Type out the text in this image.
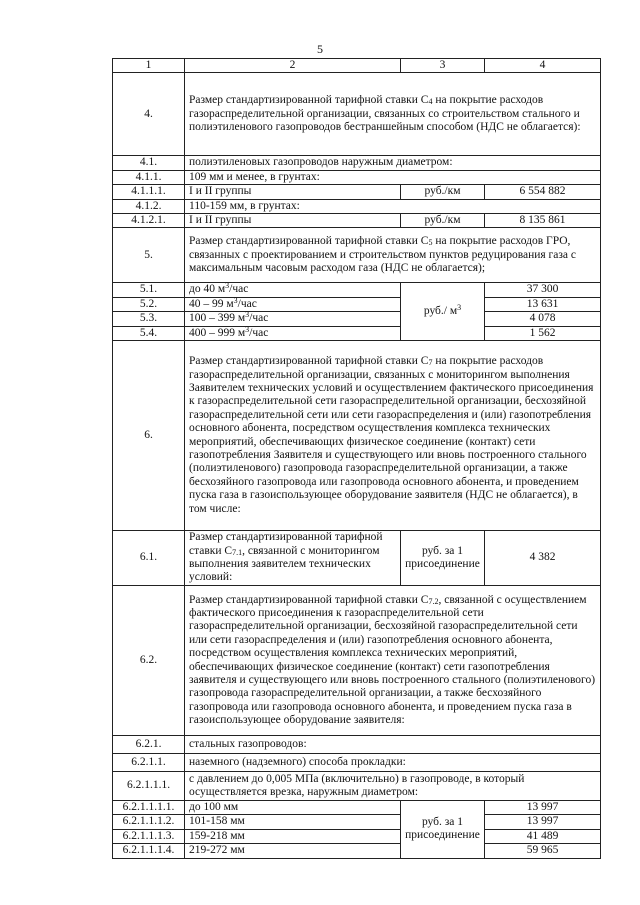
5
1	2	3	4
4.	Размер стандартизированной тарифной ставки $С_4$ на покрытие расходов газораспределительной организации, связанных со строительством стального и полиэтиленового газопроводов бестраншейным способом (НДС не облагается):		
4.1.	полиэтиленовых газопроводов наружным диаметром:		
4.1.1.	109 мм и менее, в грунтах:		
4.1.1.1.	I и II группы	руб./км	6 554 882
4.1.2.	110-159 мм, в грунтах:		
4.1.2.1.	I и II группы	руб./км	8 135 861
5.	Размер стандартизированной тарифной ставки $С_5$ на покрытие расходов ГРО, связанных с проектированием и строительством пунктов редуцирования газа с максимальным часовым расходом газа (НДС не облагается);		
5.1.	до 40 $м^3$/час	руб./ $м^3$	37 300
5.2.	40 – 99 $м^3$/час		13 631
5.3.	100 – 399 $м^3$/час		4 078
5.4.	400 – 999 $м^3$/час		1 562
6.	Размер стандартизированной тарифной ставки $С_7$ на покрытие расходов газораспределительной организации, связанных с мониторингом выполнения Заявителем технических условий и осуществлением фактического присоединения к газораспределительной сети газораспределительной организации, бесхозяйной газораспределительной сети или сети газораспределения и (или) газопотребления основного абонента, посредством осуществления комплекса технических мероприятий, обеспечивающих физическое соединение (контакт) сети газопотребления Заявителя и существующего или вновь построенного стального (полиэтиленового) газопровода газораспределительной организации, а также бесхозяйного газопровода или газопровода основного абонента, и проведением пуска газа в газоиспользующее оборудование заявителя (НДС не облагается), в том числе:		
6.1.	Размер стандартизированной тарифной ставки $С_{7.1}$, связанной с мониторингом выполнения заявителем технических условий:	руб. за 1 присоединение	4 382
6.2.	Размер стандартизированной тарифной ставки $С_{7.2}$, связанной с осуществлением фактического присоединения к газораспределительной сети газораспределительной организации, бесхозяйной газораспределительной сети или сети газораспределения и (или) газопотребления основного абонента, посредством осуществления комплекса технических мероприятий, обеспечивающих физическое соединение (контакт) сети газопотребления заявителя и существующего или вновь построенного стального (полиэтиленового) газопровода газораспределительной организации, а также бесхозяйного газопровода или газопровода основного абонента, и проведением пуска газа в газоиспользующее оборудование заявителя:		
6.2.1.	стальных газопроводов:		
6.2.1.1.	наземного (надземного) способа прокладки:		
6.2.1.1.1.	с давлением до 0,005 МПа (включительно) в газопроводе, в который осуществляется врезка, наружным диаметром:		
6.2.1.1.1.1.	до 100 мм	руб. за 1 присоединение	13 997
6.2.1.1.1.2.	101-158 мм		13 997
6.2.1.1.1.3.	159-218 мм		41 489
6.2.1.1.1.4.	219-272 мм		59 965
